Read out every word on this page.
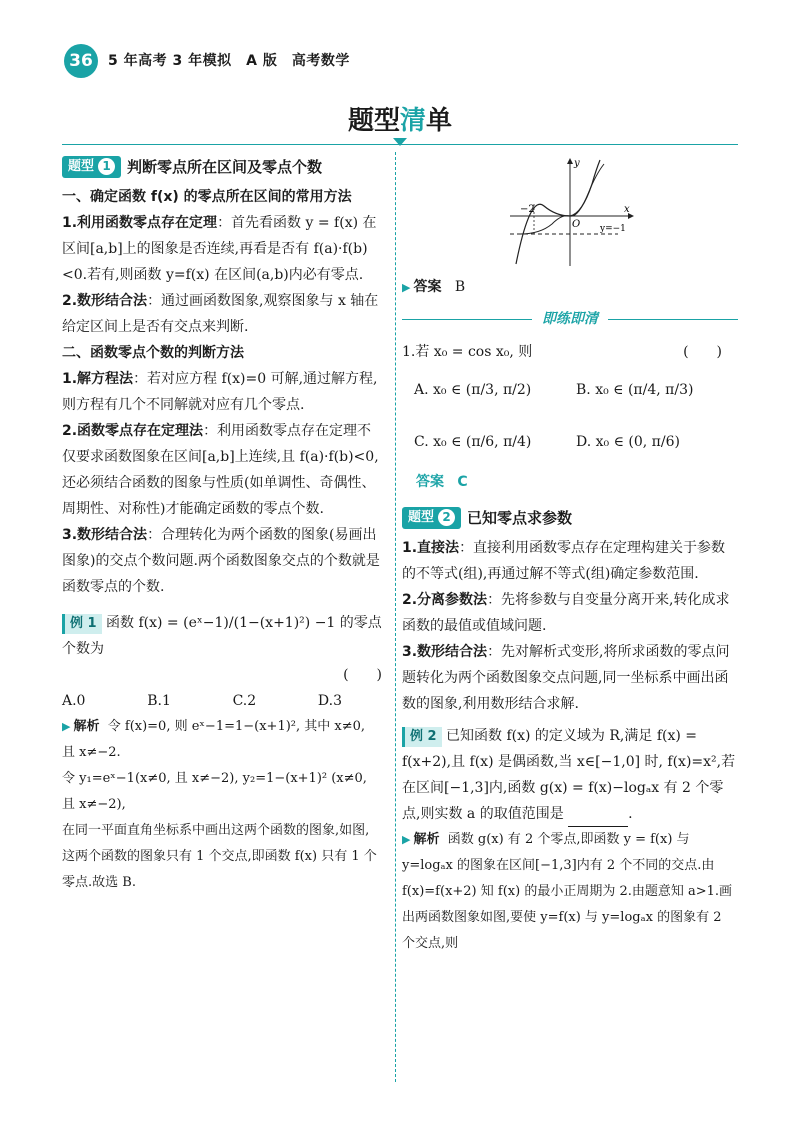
36	5 年高考 3 年模拟　A 版　高考数学
题型清单

题型 1 判断零点所在区间及零点个数

一、确定函数 f(x) 的零点所在区间的常用方法

1.利用函数零点存在定理：首先看函数 y = f(x) 在区间[a,b]上的图象是否连续,再看是否有 f(a)·f(b)<0.若有,则函数 y=f(x) 在区间(a,b)内必有零点.

2.数形结合法：通过画函数图象,观察图象与 x 轴在给定区间上是否有交点来判断.

二、函数零点个数的判断方法

1.解方程法：若对应方程 f(x)=0 可解,通过解方程,则方程有几个不同解就对应有几个零点.

2.函数零点存在定理法：利用函数零点存在定理不仅要求函数图象在区间[a,b]上连续,且 f(a)·f(b)<0,还必须结合函数的图象与性质(如单调性、奇偶性、周期性、对称性)才能确定函数的零点个数.

3.数形结合法：合理转化为两个函数的图象(易画出图象)的交点个数问题.两个函数图象交点的个数就是函数零点的个数.

例 1 函数 f(x) = (eˣ−1)/(1−(x+1)²) −1 的零点个数为

(　　)

A.0	B.1	C.2	D.3

▶ 解析 令 f(x)=0, 则 eˣ−1=1−(x+1)², 其中 x≠0, 且 x≠−2.

令 y₁=eˣ−1(x≠0, 且 x≠−2), y₂=1−(x+1)² (x≠0, 且 x≠−2),

在同一平面直角坐标系中画出这两个函数的图象,如图,这两个函数的图象只有 1 个交点,即函数 f(x) 只有 1 个零点.故选 B.

y
x
O
−2
y=−1

▶ 答案 B

即练即清
1.若 x₀ = cos x₀, 则	(　　)
A. x₀ ∈ (π/3, π/2)	B. x₀ ∈ (π/4, π/3)
C. x₀ ∈ (π/6, π/4)	D. x₀ ∈ (0, π/6)

答案 C

题型 2 已知零点求参数

1.直接法：直接利用函数零点存在定理构建关于参数的不等式(组),再通过解不等式(组)确定参数范围.

2.分离参数法：先将参数与自变量分离开来,转化成求函数的最值或值域问题.

3.数形结合法：先对解析式变形,将所求函数的零点问题转化为两个函数图象交点问题,同一坐标系中画出函数的图象,利用数形结合求解.

例 2 已知函数 f(x) 的定义域为 R,满足 f(x) = f(x+2),且 f(x) 是偶函数,当 x∈[−1,0] 时, f(x)=x²,若在区间[−1,3]内,函数 g(x) = f(x)−logₐx 有 2 个零点,则实数 a 的取值范围是	.

▶ 解析 函数 g(x) 有 2 个零点,即函数 y = f(x) 与 y=logₐx 的图象在区间[−1,3]内有 2 个不同的交点.由 f(x)=f(x+2) 知 f(x) 的最小正周期为 2.由题意知 a>1.画出两函数图象如图,要使 y=f(x) 与 y=logₐx 的图象有 2 个交点,则
